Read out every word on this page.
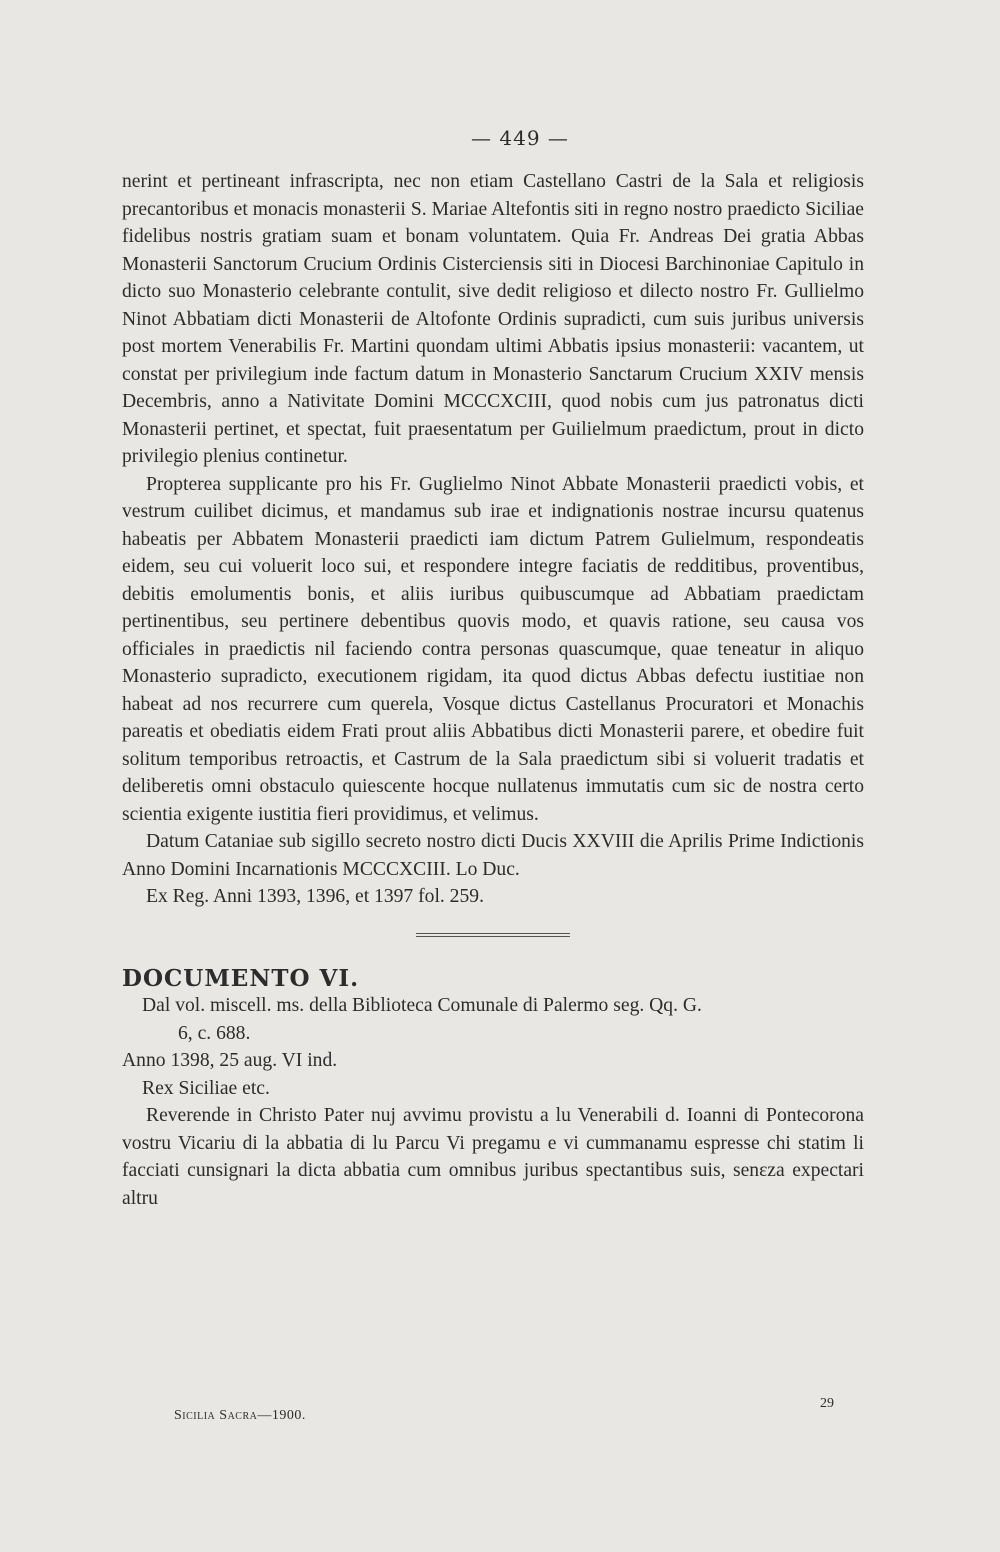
— 449 —

nerint et pertineant infrascripta, nec non etiam Castellano Castri de la Sala et religiosis precantoribus et monacis monasterii S. Mariae Altefontis siti in regno nostro praedicto Siciliae fidelibus nostris gratiam suam et bonam voluntatem. Quia Fr. Andreas Dei gratia Abbas Monasterii Sanctorum Crucium Ordinis Cisterciensis siti in Diocesi Barchinoniae Capitulo in dicto suo Monasterio celebrante contulit, sive dedit religioso et dilecto nostro Fr. Gullielmo Ninot Abbatiam dicti Monasterii de Altofonte Ordinis supradicti, cum suis juribus universis post mortem Venerabilis Fr. Martini quondam ultimi Abbatis ipsius monasterii: vacantem, ut constat per privilegium inde factum datum in Monasterio Sanctarum Crucium XXIV mensis Decembris, anno a Nativitate Domini MCCCXCIII, quod nobis cum jus patronatus dicti Monasterii pertinet, et spectat, fuit praesentatum per Guilielmum praedictum, prout in dicto privilegio plenius continetur.

Propterea supplicante pro his Fr. Guglielmo Ninot Abbate Monasterii praedicti vobis, et vestrum cuilibet dicimus, et mandamus sub irae et indignationis nostrae incursu quatenus habeatis per Abbatem Monasterii praedicti iam dictum Patrem Gulielmum, respondeatis eidem, seu cui voluerit loco sui, et respondere integre faciatis de redditibus, proventibus, debitis emolumentis bonis, et aliis iuribus quibuscumque ad Abbatiam praedictam pertinentibus, seu pertinere debentibus quovis modo, et quavis ratione, seu causa vos officiales in praedictis nil faciendo contra personas quascumque, quae teneatur in aliquo Monasterio supradicto, executionem rigidam, ita quod dictus Abbas defectu iustitiae non habeat ad nos recurrere cum querela, Vosque dictus Castellanus Procuratori et Monachis pareatis et obediatis eidem Frati prout aliis Abbatibus dicti Monasterii parere, et obedire fuit solitum temporibus retroactis, et Castrum de la Sala praedictum sibi si voluerit tradatis et deliberetis omni obstaculo quiescente hocque nullatenus immutatis cum sic de nostra certo scientia exigente iustitia fieri providimus, et velimus.

Datum Cataniae sub sigillo secreto nostro dicti Ducis XXVIII die Aprilis Prime Indictionis Anno Domini Incarnationis MCCCXCIII. Lo Duc.

Ex Reg. Anni 1393, 1396, et 1397 fol. 259.

DOCUMENTO VI.

Dal vol. miscell. ms. della Biblioteca Comunale di Palermo seg. Qq. G.

6, c. 688.

Anno 1398, 25 aug. VI ind.

Rex Siciliae etc.

Reverende in Christo Pater nuj avvimu provistu a lu Venerabili d. Ioanni di Pontecorona vostru Vicariu di la abbatia di lu Parcu Vi pregamu e vi cummanamu espresse chi statim li facciati cunsignari la dicta abbatia cum omnibus juribus spectantibus suis, senεza expectari altru

Sicilia Sacra—1900.
29
